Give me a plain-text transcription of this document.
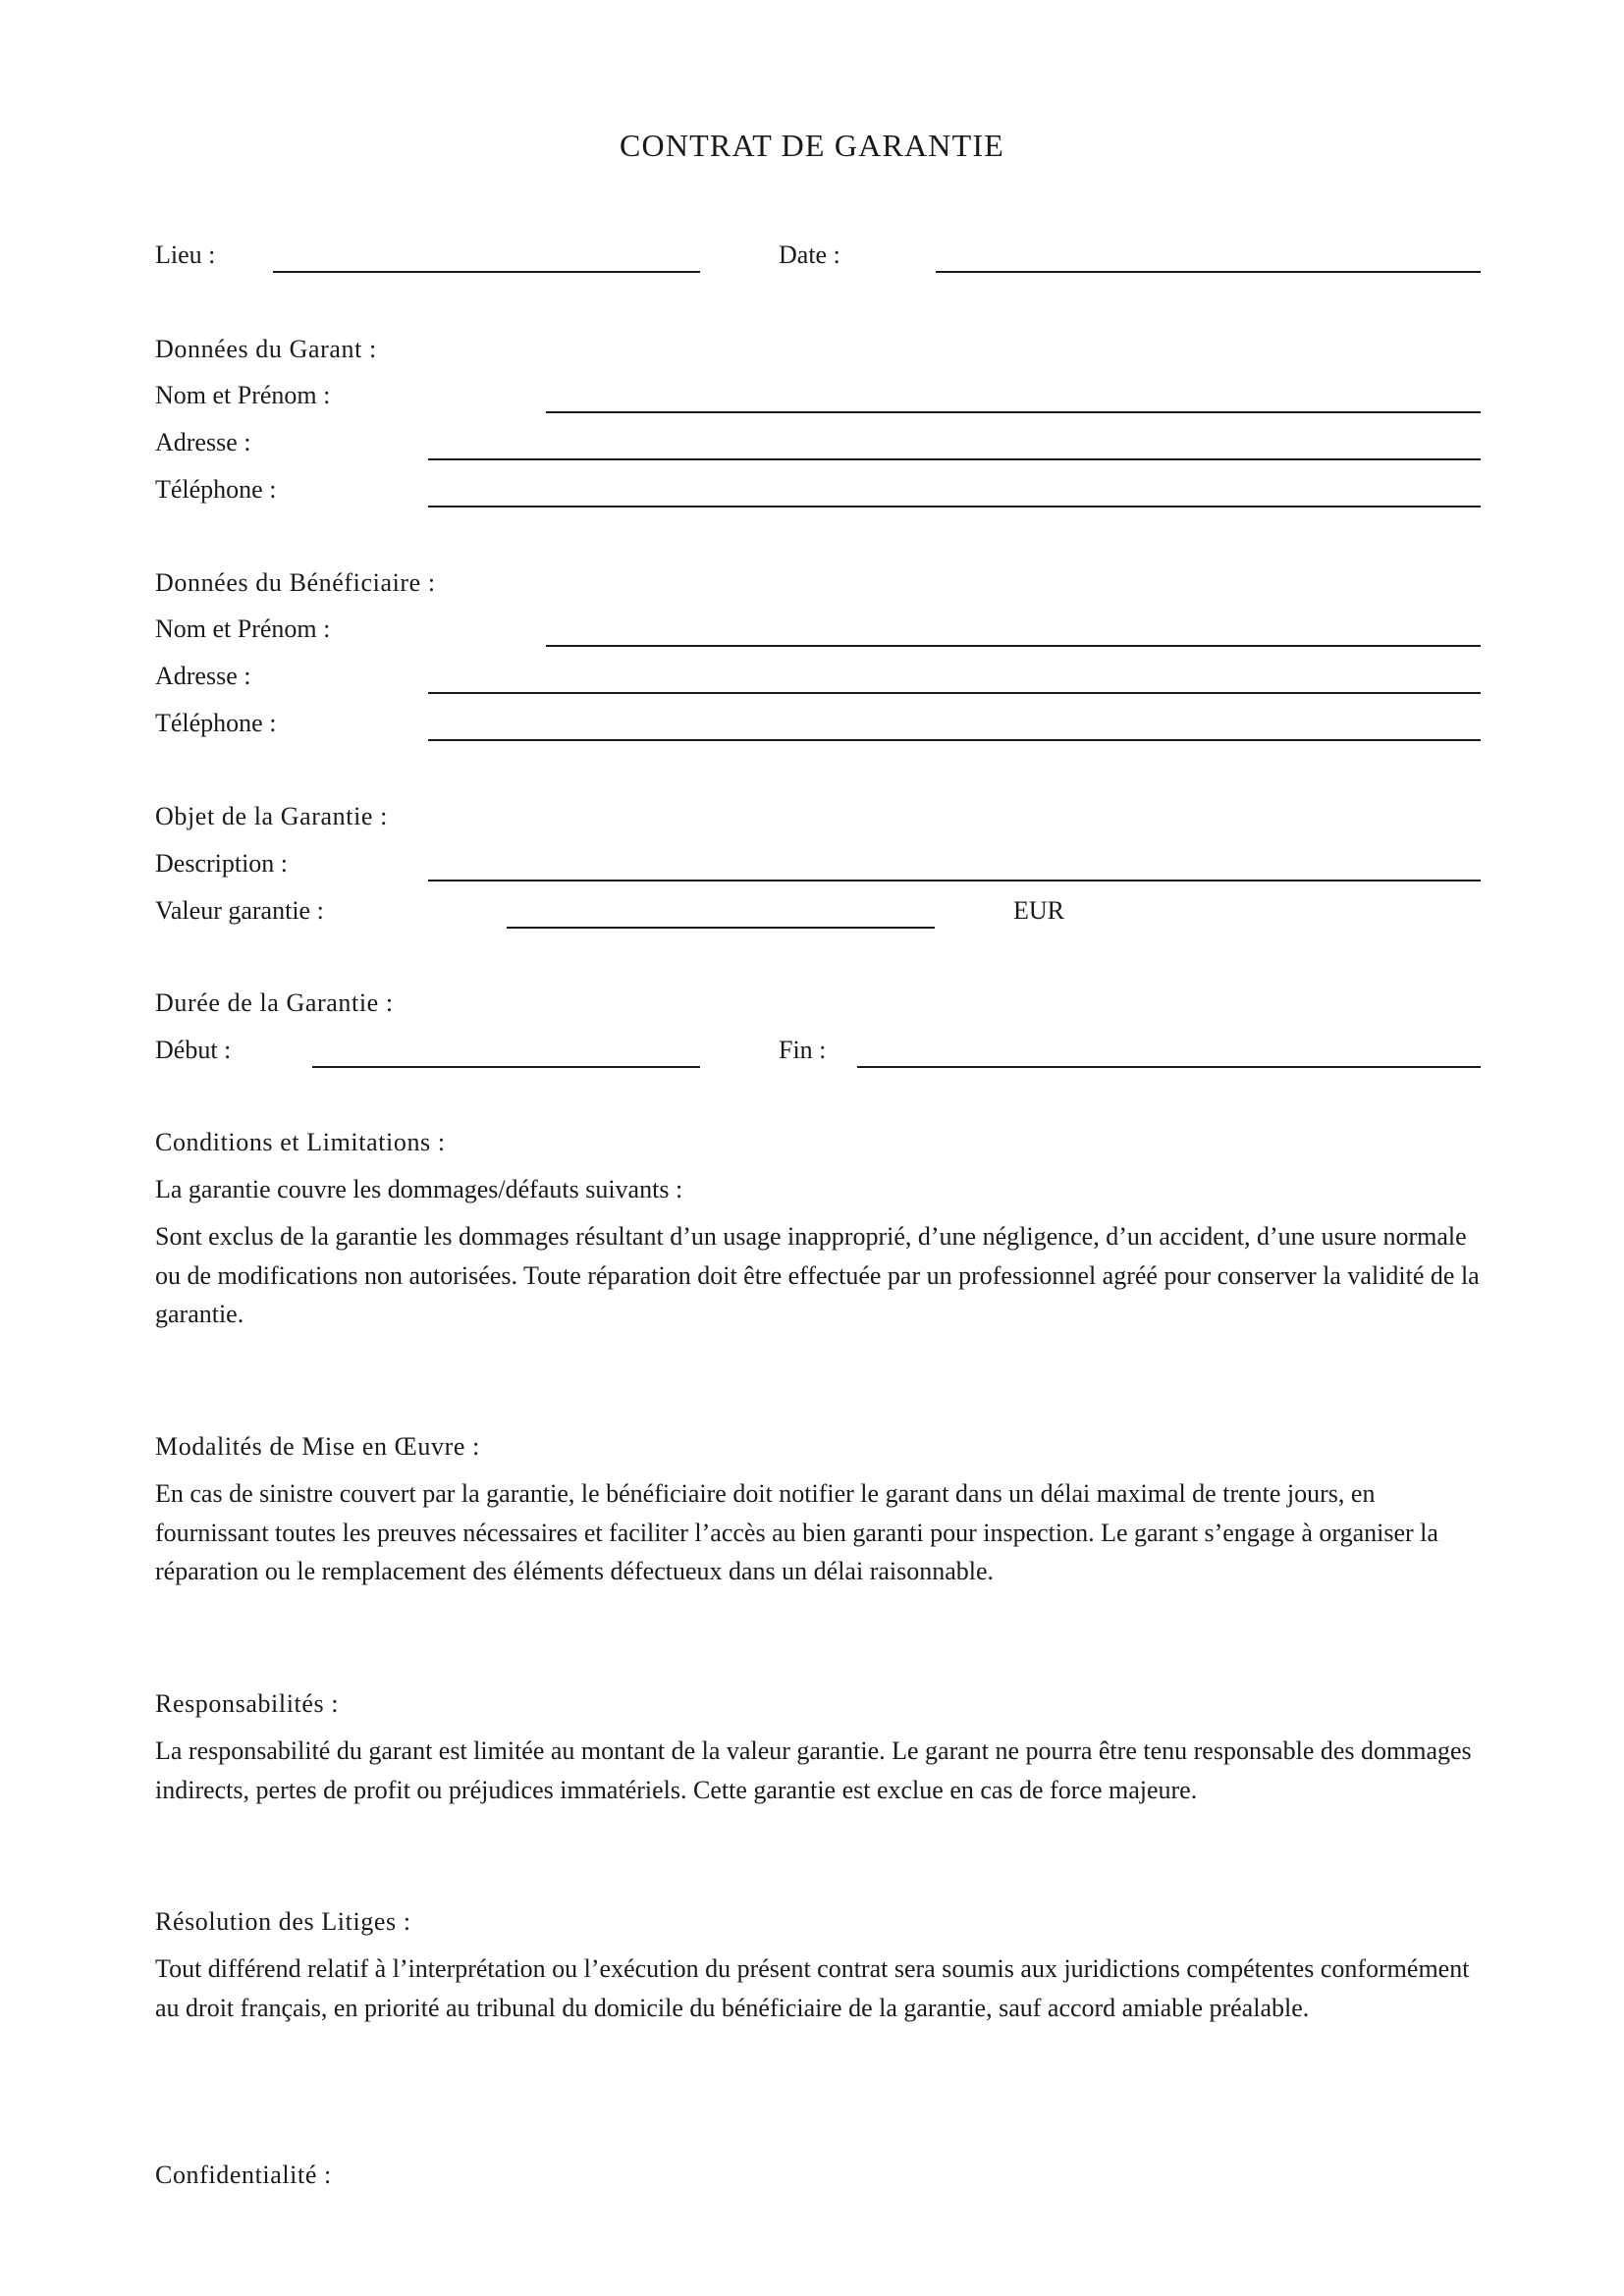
CONTRAT DE GARANTIE
Lieu :	Date :
Données du Garant :
Nom et Prénom :
Adresse :
Téléphone :
Données du Bénéficiaire :
Nom et Prénom :
Adresse :
Téléphone :
Objet de la Garantie :
Description :
Valeur garantie :	EUR
Durée de la Garantie :
Début :	Fin :
Conditions et Limitations :
La garantie couvre les dommages/défauts suivants :
Sont exclus de la garantie les dommages résultant d’un usage inapproprié, d’une négligence, d’un accident, d’une usure normale ou de modifications non autorisées. Toute réparation doit être effectuée par un professionnel agréé pour conserver la validité de la garantie.
Modalités de Mise en Œuvre :
En cas de sinistre couvert par la garantie, le bénéficiaire doit notifier le garant dans un délai maximal de trente jours, en fournissant toutes les preuves nécessaires et faciliter l’accès au bien garanti pour inspection. Le garant s’engage à organiser la réparation ou le remplacement des éléments défectueux dans un délai raisonnable.
Responsabilités :
La responsabilité du garant est limitée au montant de la valeur garantie. Le garant ne pourra être tenu responsable des dommages indirects, pertes de profit ou préjudices immatériels. Cette garantie est exclue en cas de force majeure.
Résolution des Litiges :
Tout différend relatif à l’interprétation ou l’exécution du présent contrat sera soumis aux juridictions compétentes conformément au droit français, en priorité au tribunal du domicile du bénéficiaire de la garantie, sauf accord amiable préalable.
Confidentialité :
